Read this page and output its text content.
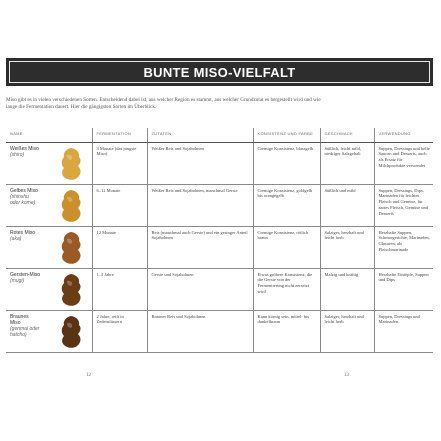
BUNTE MISO-VIELFALT

Miso gibt es in vielen verschiedenen Sorten. Entscheidend dabei ist, aus welcher Region es stammt, aus welcher Grundzutat es hergestellt wird und wie lange die Fermentation dauert. Hier die gängigsten Sorten im Überblick.

NAME	FERMENTATION	ZUTATEN	KONSISTENZ UND FARBE	GESCHMACK	VERWENDUNG

Weißes Miso
(shiro)	3 Monate (das jüngste Miso)	Weißer Reis und Sojabohnen	Cremige Konsistenz, blassgelb	Süßlich, leicht mild, niedriger Salzgehalt	Suppen, Dressings und helle Saucen und Desserts, auch als Ersatz für Milchprodukte verwendet

Gelbes Miso
(shinshu oder kome)	6–12 Monate	Weißer Reis und Sojabohnen, manchmal Gerste	Cremige Konsistenz, goldgelb bis orangegelb	Süßlich und mild	Suppen, Dressings, Dips, Marinaden für leichtes Fleisch und Gemüse, für zartes Fleisch, Gemüse und Desserts

Rotes Miso
(aka)	12 Monate	Reis (manchmal auch Gerste) und ein geringer Anteil Sojabohnen	Cremige Konsistenz, rötlich braun	Salziger, herzhaft und leicht herb	Herzhafte Suppen, Schmorgerichte, Marinaden, Glasuren, als Fleischmarinade

Gersten-Miso
(mugi)	1–3 Jahre	Gerste und Sojabohnen	Etwas gröbere Konsistenz, die die Gerste von der Fermentierung nicht zersetzt wird	Malzig und kräftig	Herzhafte Eintöpfe, Suppen und Dips

Braunes Miso
(genmai oder hatcho)	2 Jahre, reift in Zedernfässern	Brauner Reis und Sojabohnen	Kann körnig sein, mittel- bis dunkelbraun	Salziger, herzhaft und leicht herb	Suppen, Dressings und Marinaden
12	13
